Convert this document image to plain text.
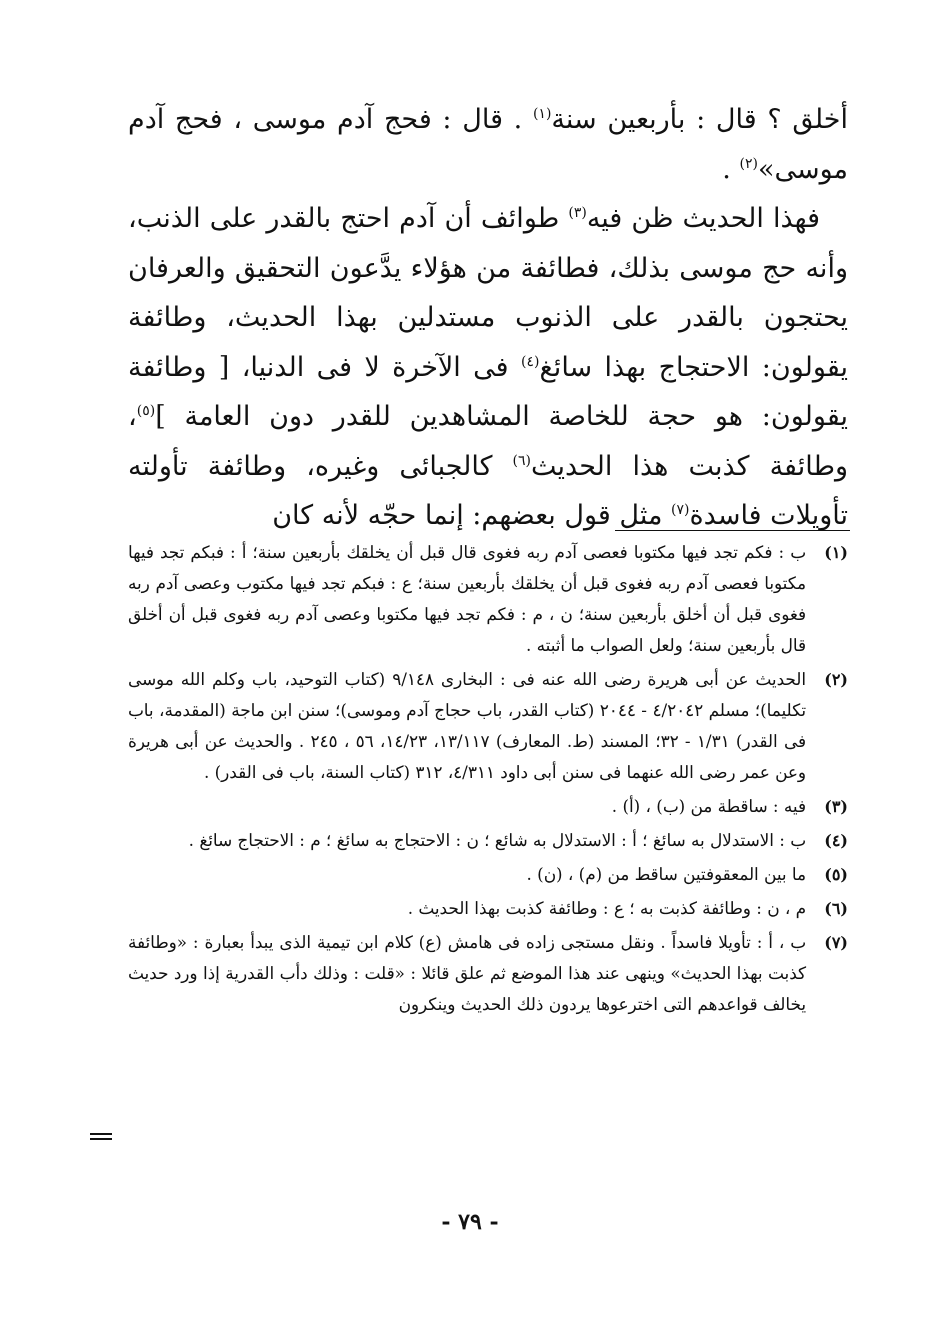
أخلق ؟ قال : بأربعين سنة$^{(١)}$ . قال : فحج آدم موسى ، فحج آدم موسى»$^{(٢)}$ .

فهذا الحديث ظن فيه$^{(٣)}$ طوائف أن آدم احتج بالقدر على الذنب، وأنه حج موسى بذلك، فطائفة من هؤلاء يدَّعون التحقيق والعرفان يحتجون بالقدر على الذنوب مستدلين بهذا الحديث، وطائفة يقولون: الاحتجاج بهذا سائغ$^{(٤)}$ فى الآخرة لا فى الدنيا، [ وطائفة يقولون: هو حجة للخاصة المشاهدين للقدر دون العامة ]$^{(٥)}$، وطائفة كذبت هذا الحديث$^{(٦)}$ كالجبائى وغيره، وطائفة تأولته تأويلات فاسدة$^{(٧)}$ مثل قول بعضهم: إنما حجّه لأنه كان

(١)
ب : فكم تجد فيها مكتوبا فعصى آدم ربه فغوى قال قبل أن يخلقك بأربعين سنة؛ أ : فبكم تجد فيها مكتوبا فعصى آدم ربه فغوى قبل أن يخلقك بأربعين سنة؛ ع : فبكم تجد فيها مكتوب وعصى آدم ربه فغوى قبل أن أخلق بأربعين سنة؛ ن ، م : فكم تجد فيها مكتوبا وعصى آدم ربه فغوى قبل أن أخلق قال بأربعين سنة؛ ولعل الصواب ما أثبته .
(٢)
الحديث عن أبى هريرة رضى الله عنه فى : البخارى ٩/١٤٨ (كتاب التوحيد، باب وكلم الله موسى تكليما)؛ مسلم ٤/٢٠٤٢ - ٢٠٤٤ (كتاب القدر، باب حجاج آدم وموسى)؛ سنن ابن ماجة (المقدمة، باب فى القدر) ١/٣١ - ٣٢؛ المسند (ط. المعارف) ١٣/١١٧، ١٤/٢٣، ٥٦ ، ٢٤٥ . والحديث عن أبى هريرة وعن عمر رضى الله عنهما فى سنن أبى داود ٤/٣١١، ٣١٢ (كتاب السنة، باب فى القدر) .
(٣)
فيه : ساقطة من (ب) ، (أ) .
(٤)
ب : الاستدلال به سائغ ؛ أ : الاستدلال به شائع ؛ ن : الاحتجاج به سائغ ؛ م : الاحتجاج سائغ .
(٥)
ما بين المعقوفتين ساقط من (م) ، (ن) .
(٦)
م ، ن : وطائفة كذبت به ؛ ع : وطائفة كذبت بهذا الحديث .
(٧)
ب ، أ : تأويلا فاسداً . ونقل مستجى زاده فى هامش (ع) كلام ابن تيمية الذى يبدأ بعبارة : «وطائفة كذبت بهذا الحديث» وينهى عند هذا الموضع ثم علق قائلا : «قلت : وذلك دأب القدرية إذا ورد حديث يخالف قواعدهم التى اخترعوها يردون ذلك الحديث وينكرون
- ٧٩ -
